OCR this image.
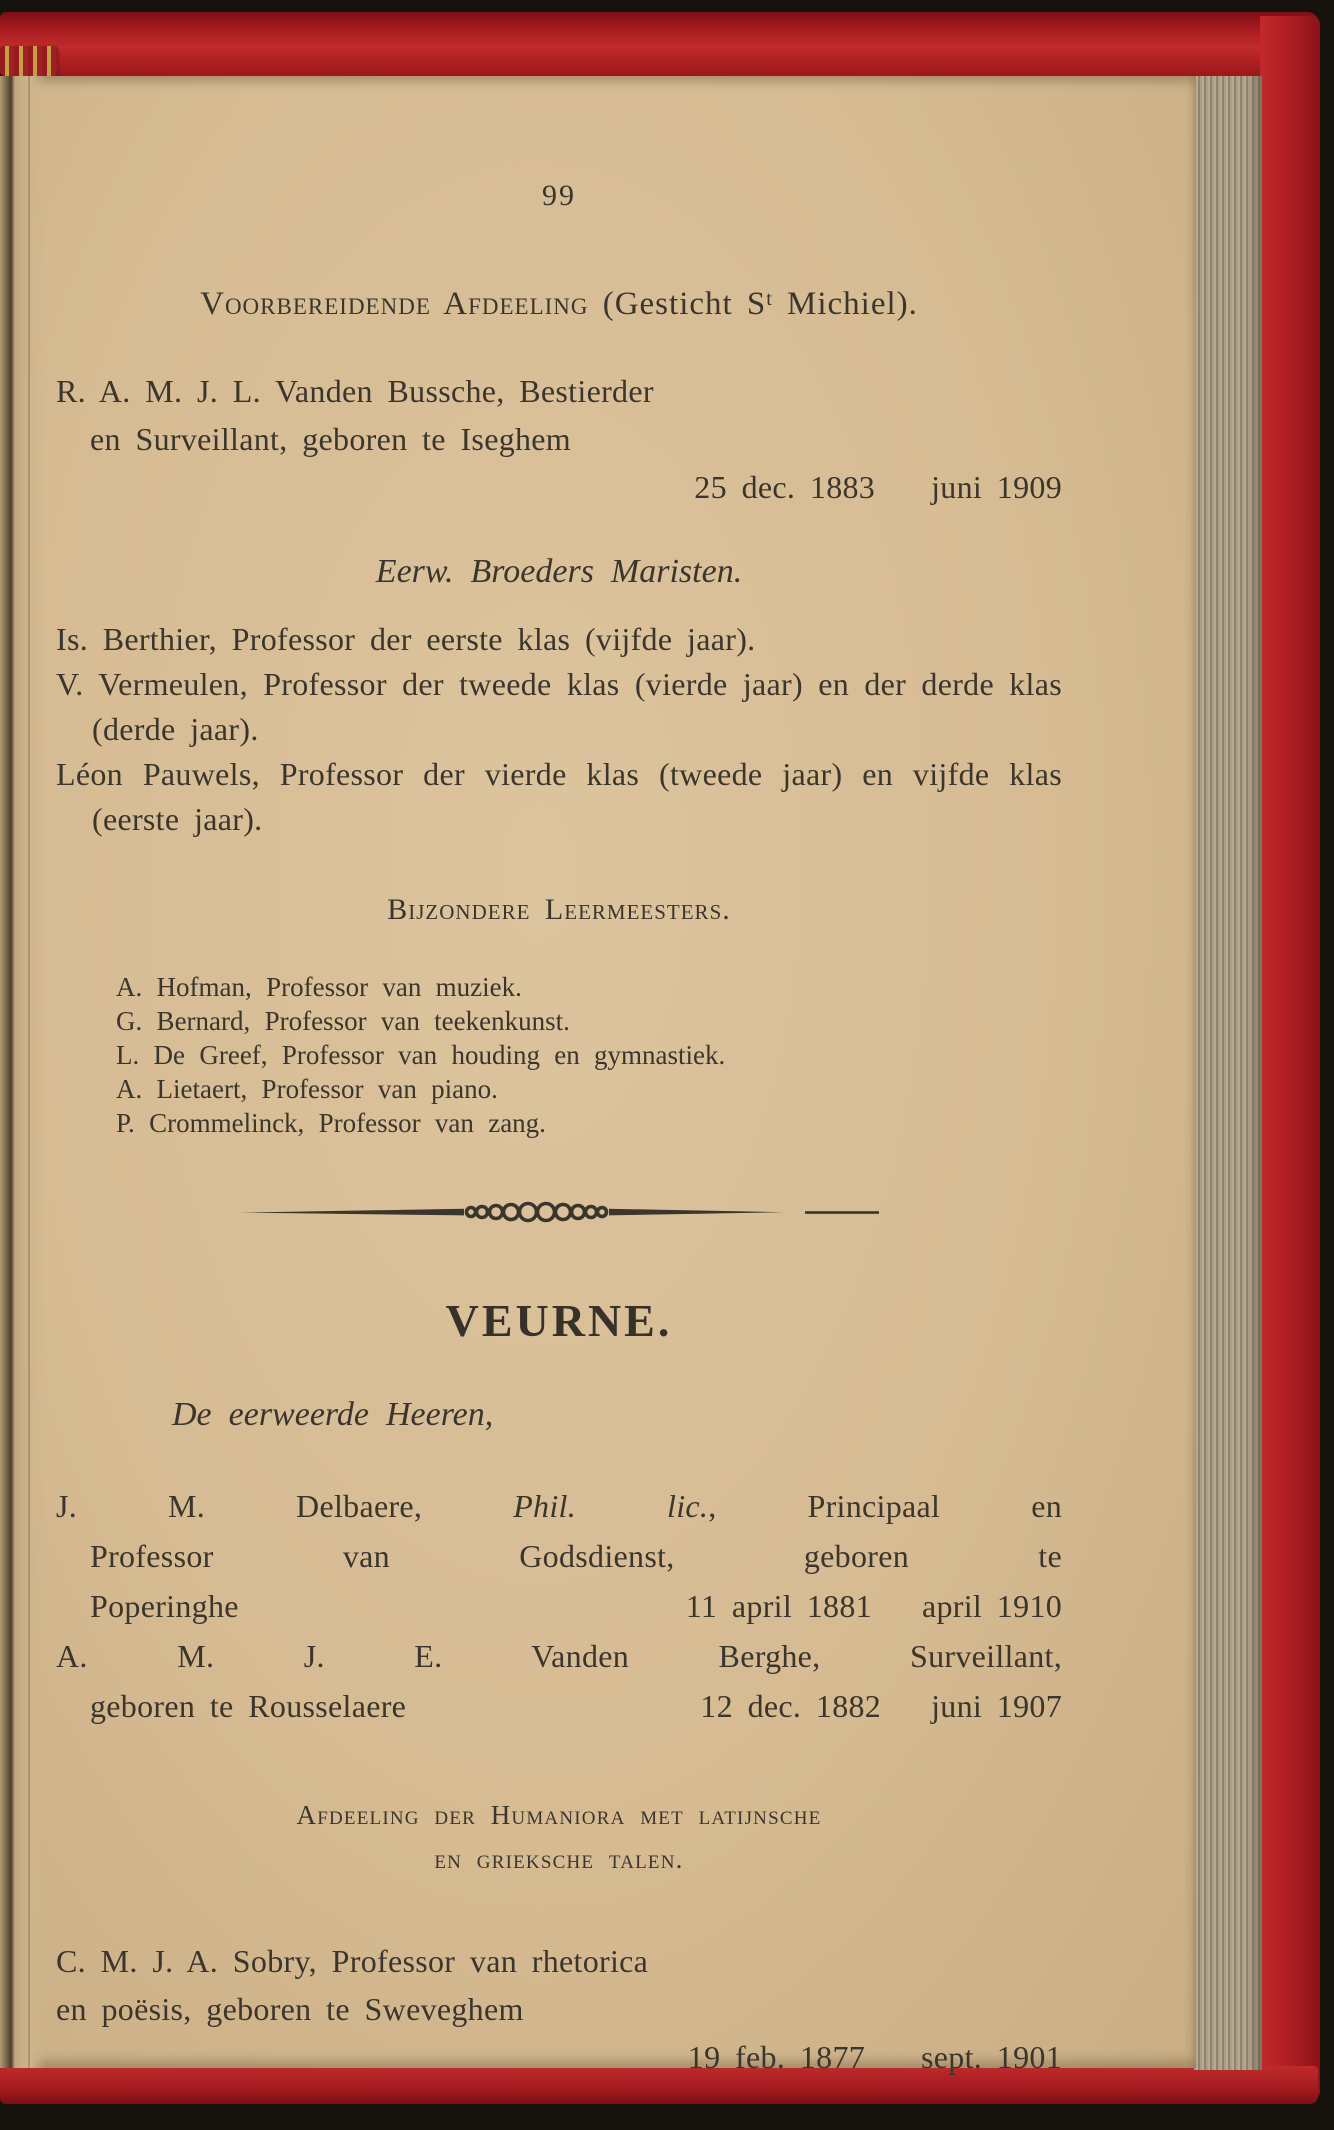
99
Voorbereidende Afdeeling (Gesticht $S^t$ Michiel).
R. A. M. J. L. Vanden Bussche, Bestierder
en Surveillant, geboren te Iseghem
25 dec. 1883 juni 1909
Eerw. Broeders Maristen.

Is. Berthier, Professor der eerste klas (vijfde jaar).

V. Vermeulen, Professor der tweede klas (vierde jaar) en der derde klas (derde jaar).

Léon Pauwels, Professor der vierde klas (tweede jaar) en vijfde klas (eerste jaar).

Bijzondere Leermeesters.

A. Hofman, Professor van muziek.

G. Bernard, Professor van teekenkunst.

L. De Greef, Professor van houding en gymnastiek.

A. Lietaert, Professor van piano.

P. Crommelinck, Professor van zang.

VEURNE.
De eerweerde Heeren,
J. M. Delbaere, Phil. lic., Principaal en
Professor van Godsdienst, geboren te
Poperinghe	11 april 1881 april 1910
A. M. J. E. Vanden Berghe, Surveillant,
geboren te Rousselaere	12 dec. 1882 juni 1907
Afdeeling der Humaniora met latijnsche
en grieksche talen.
C. M. J. A. Sobry, Professor van rhetorica
en poësis, geboren te Sweveghem
19 feb. 1877 sept. 1901
